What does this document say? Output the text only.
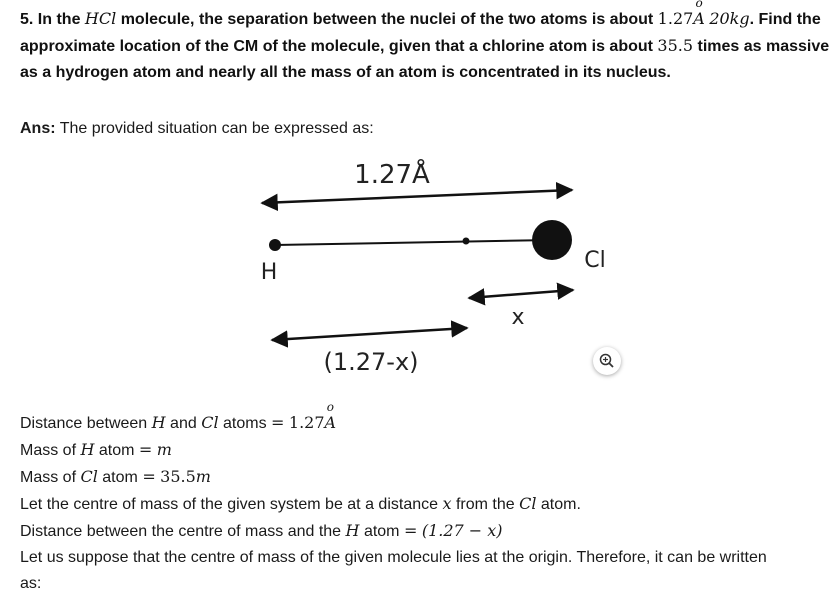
5. In the HCl molecule, the separation between the nuclei of the two atoms is about 1.27
o
A 20kg. Find the approximate location of the CM of the molecule, given that a chlorine atom is about 35.5 times as massive as a hydrogen atom and nearly all the mass of an atom is concentrated in its nucleus.
Ans: The provided situation can be expressed as:
1.27Å
H	Cl
x
(1.27-x)
Distance between H and Cl atoms = 1.27
o
A
Mass of H atom = m
Mass of Cl atom = 35.5m
Let the centre of mass of the given system be at a distance x from the Cl atom.
Distance between the centre of mass and the H atom = (1.27 − x)
Let us suppose that the centre of mass of the given molecule lies at the origin. Therefore, it can be written
as:
